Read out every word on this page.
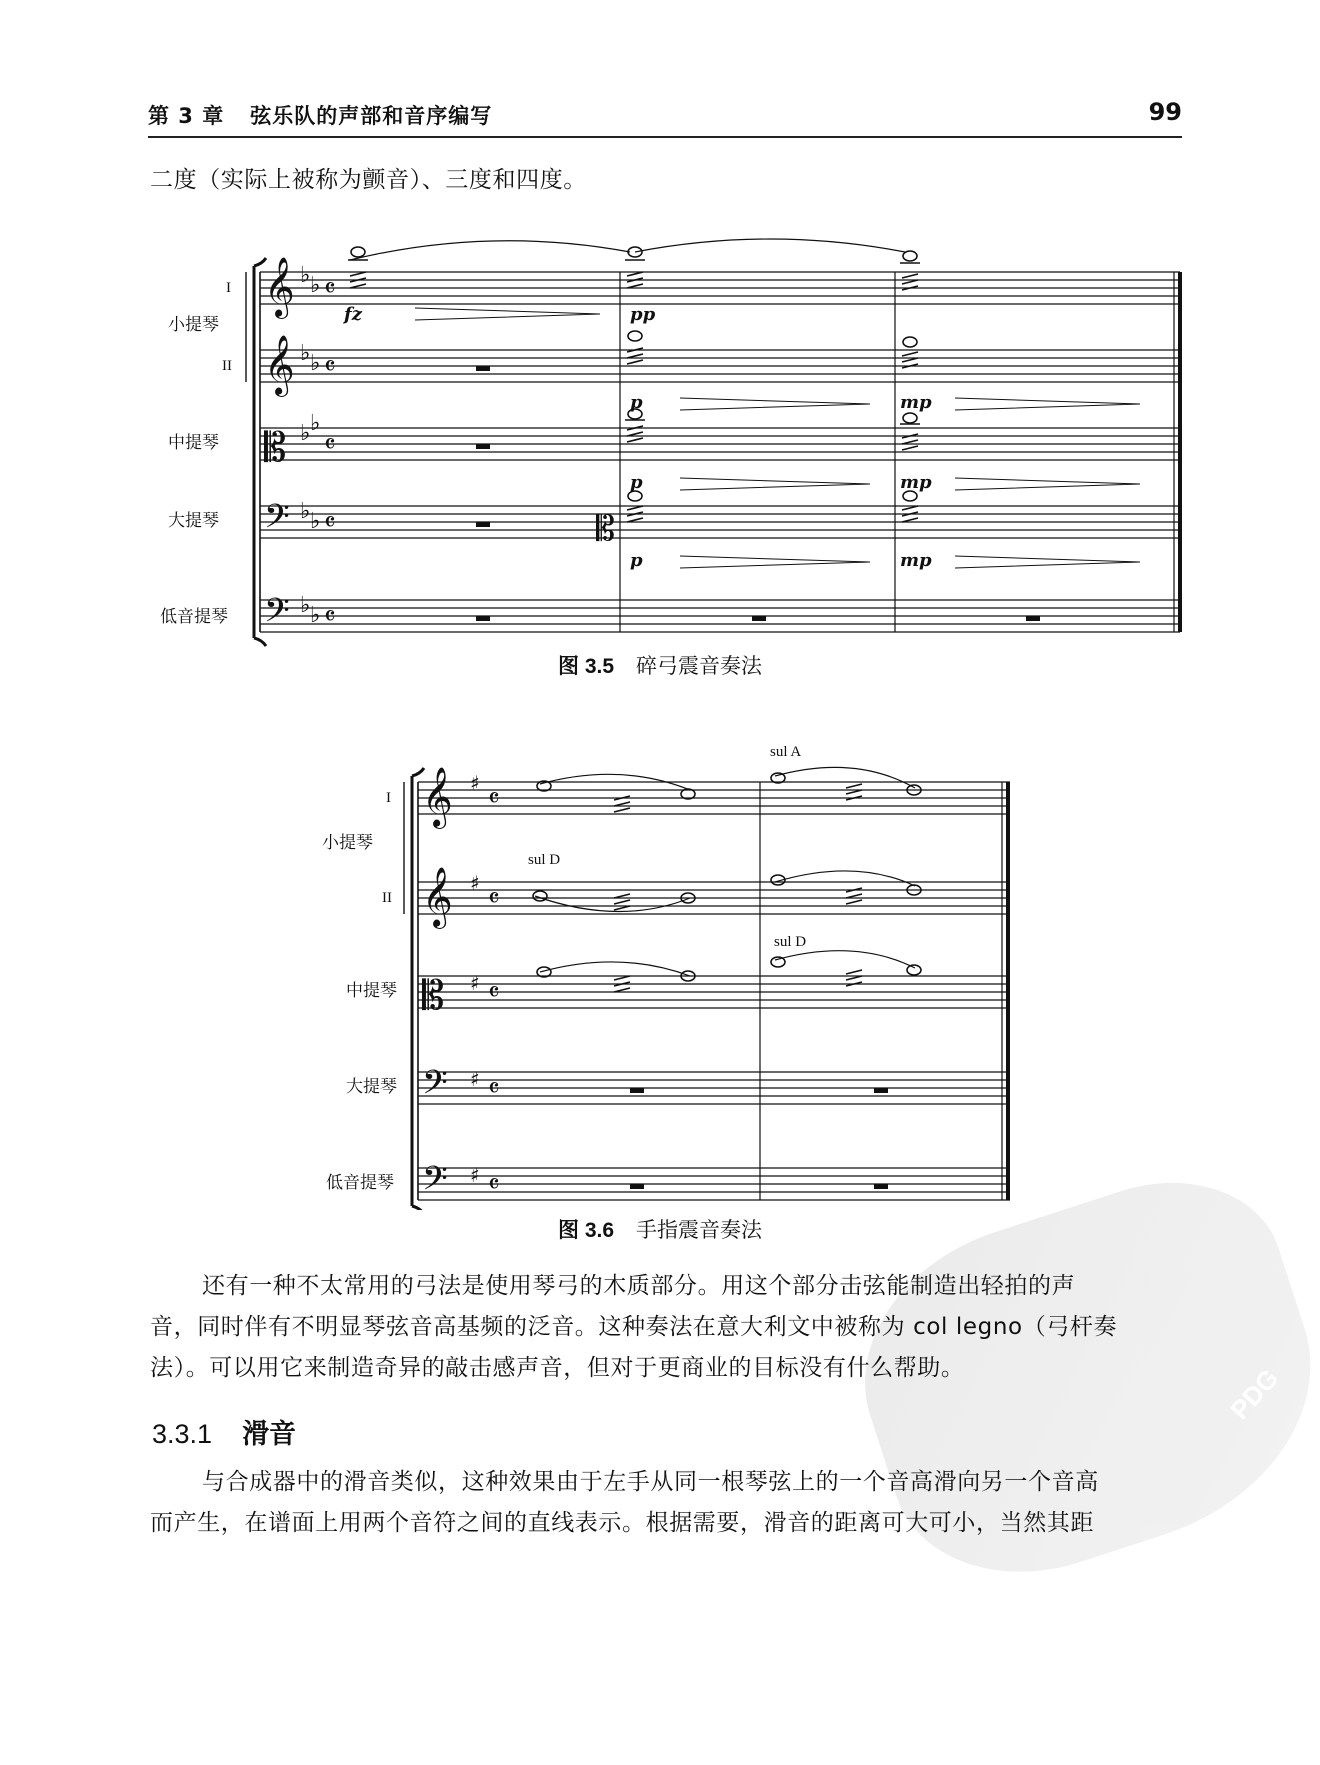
第 3 章 弦乐队的声部和音序编写	99
二度（实际上被称为颤音）、三度和四度。
𝄞
𝄞
𝄡
𝄢
𝄢
𝄡
♭ ♭
♭ ♭
♭ ♭
♭ ♭
♭ ♭
𝄴
𝄴
𝄴
𝄴
𝄴
I
小提琴
II
中提琴
大提琴
低音提琴
fz	pp
p	mp
p	mp
p	mp
图 3.5 碎弓震音奏法
𝄞
𝄞
𝄡
𝄢
𝄢
♯
♯
♯
♯
♯
𝄴
𝄴
𝄴
𝄴
𝄴
I
小提琴
II
中提琴
大提琴
低音提琴
sul A
sul D
sul D
图 3.6 手指震音奏法
PDG
还有一种不太常用的弓法是使用琴弓的木质部分。用这个部分击弦能制造出轻拍的声
音，同时伴有不明显琴弦音高基频的泛音。这种奏法在意大利文中被称为 col legno（弓杆奏
法）。可以用它来制造奇异的敲击感声音，但对于更商业的目标没有什么帮助。
3.3.1 滑音
与合成器中的滑音类似，这种效果由于左手从同一根琴弦上的一个音高滑向另一个音高
而产生，在谱面上用两个音符之间的直线表示。根据需要，滑音的距离可大可小，当然其距
